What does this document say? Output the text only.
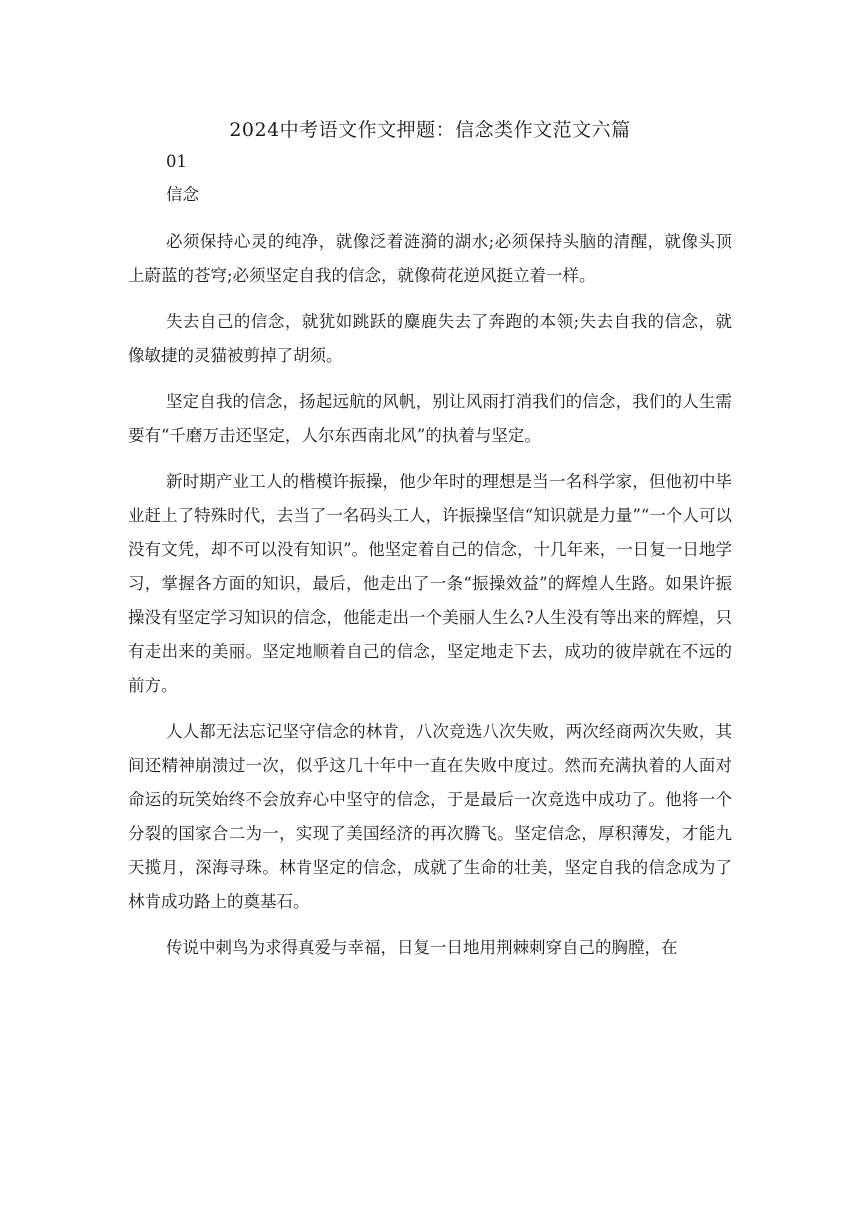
2024中考语文作文押题：信念类作文范文六篇
01
信念

必须保持心灵的纯净，就像泛着涟漪的湖水;必须保持头脑的清醒，就像头顶上蔚蓝的苍穹;必须坚定自我的信念，就像荷花逆风挺立着一样。

失去自己的信念，就犹如跳跃的麋鹿失去了奔跑的本领;失去自我的信念，就像敏捷的灵猫被剪掉了胡须。

坚定自我的信念，扬起远航的风帆，别让风雨打消我们的信念，我们的人生需要有“千磨万击还坚定，人尔东西南北风”的执着与坚定。

新时期产业工人的楷模许振操，他少年时的理想是当一名科学家，但他初中毕业赶上了特殊时代，去当了一名码头工人，许振操坚信“知识就是力量”“一个人可以没有文凭，却不可以没有知识”。他坚定着自己的信念，十几年来，一日复一日地学习，掌握各方面的知识，最后，他走出了一条“振操效益”的辉煌人生路。如果许振操没有坚定学习知识的信念，他能走出一个美丽人生么?人生没有等出来的辉煌，只有走出来的美丽。坚定地顺着自己的信念，坚定地走下去，成功的彼岸就在不远的前方。

人人都无法忘记坚守信念的林肯，八次竞选八次失败，两次经商两次失败，其间还精神崩溃过一次，似乎这几十年中一直在失败中度过。然而充满执着的人面对命运的玩笑始终不会放弃心中坚守的信念，于是最后一次竞选中成功了。他将一个分裂的国家合二为一，实现了美国经济的再次腾飞。坚定信念，厚积薄发，才能九天揽月，深海寻珠。林肯坚定的信念，成就了生命的壮美，坚定自我的信念成为了林肯成功路上的奠基石。

传说中刺鸟为求得真爱与幸福，日复一日地用荆棘刺穿自己的胸膛，在
